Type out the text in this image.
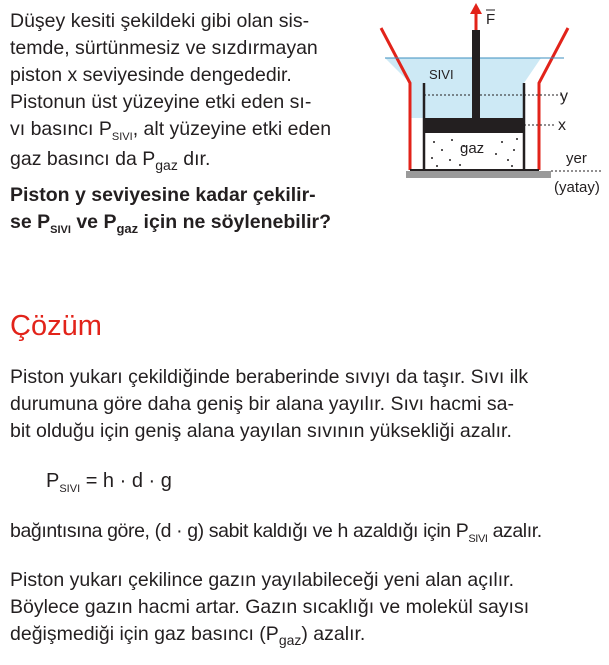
Düşey kesiti şekildeki gibi olan sis-

temde, sürtünmesiz ve sızdırmayan

piston x seviyesinde dengededir.

Pistonun üst yüzeyine etki eden sı-

vı basıncı $P_{SIVI}$, alt yüzeyine etki eden

gaz basıncı da $P_{gaz}$ dır.

Piston y seviyesine kadar çekilir-

se $P_{SIVI}$ ve $P_{gaz}$ için ne söylenebilir?

F
gaz
SIVI
y
x
yer
(yatay)
Çözüm

Piston yukarı çekildiğinde beraberinde sıvıyı da taşır. Sıvı ilk

durumuna göre daha geniş bir alana yayılır. Sıvı hacmi sa-

bit olduğu için geniş alana yayılan sıvının yüksekliği azalır.

$P_{SIVI} = h \cdot d \cdot g$

bağıntısına göre, (d · g) sabit kaldığı ve h azaldığı için $P_{SIVI}$ azalır.

Piston yukarı çekilince gazın yayılabileceği yeni alan açılır.

Böylece gazın hacmi artar. Gazın sıcaklığı ve molekül sayısı

değişmediği için gaz basıncı $(P_{gaz})$ azalır.
